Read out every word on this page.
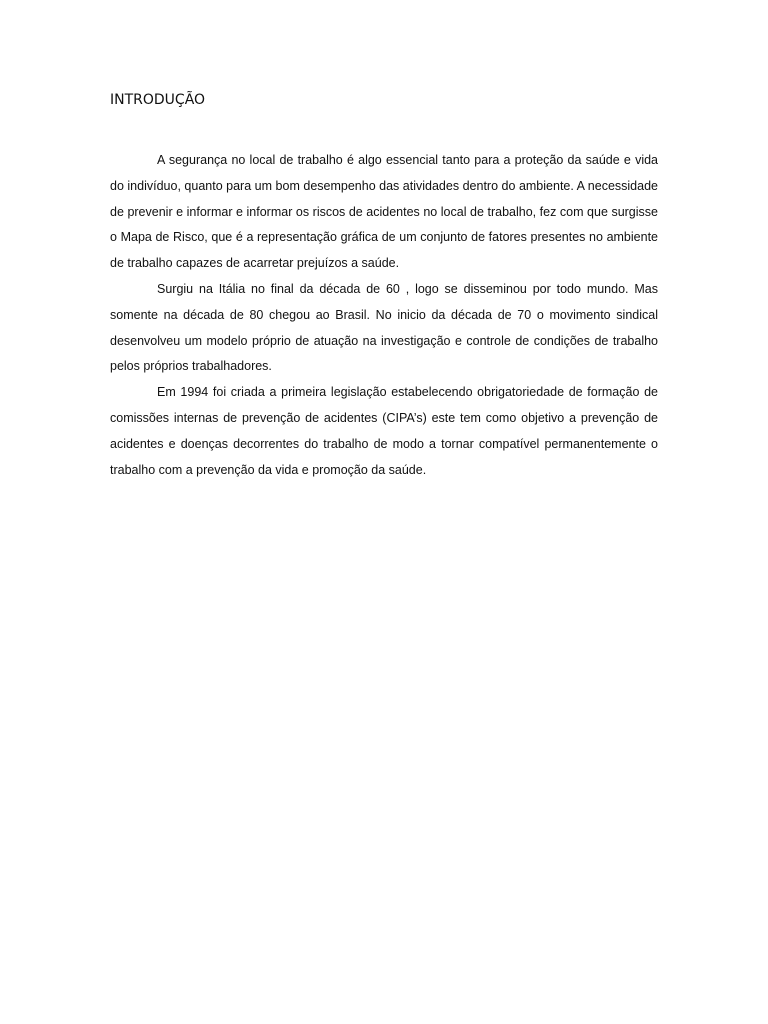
INTRODUÇÃO

A segurança no local de trabalho é algo essencial tanto para a proteção da saúde e vida do indivíduo, quanto para um bom desempenho das atividades dentro do ambiente. A necessidade de prevenir e informar e informar os riscos de acidentes no local de trabalho, fez com que surgisse o Mapa de Risco, que é a representação gráfica de um conjunto de fatores presentes no ambiente de trabalho capazes de acarretar prejuízos a saúde.

Surgiu na Itália no final da década de 60 , logo se disseminou por todo mundo. Mas somente na década de 80 chegou ao Brasil. No inicio da década de 70 o movimento sindical desenvolveu um modelo próprio de atuação na investigação e controle de condições de trabalho pelos próprios trabalhadores.

Em 1994 foi criada a primeira legislação estabelecendo obrigatoriedade de formação de comissões internas de prevenção de acidentes (CIPA’s) este tem como objetivo a prevenção de acidentes e doenças decorrentes do trabalho de modo a tornar compatível permanentemente o trabalho com a prevenção da vida e promoção da saúde.
